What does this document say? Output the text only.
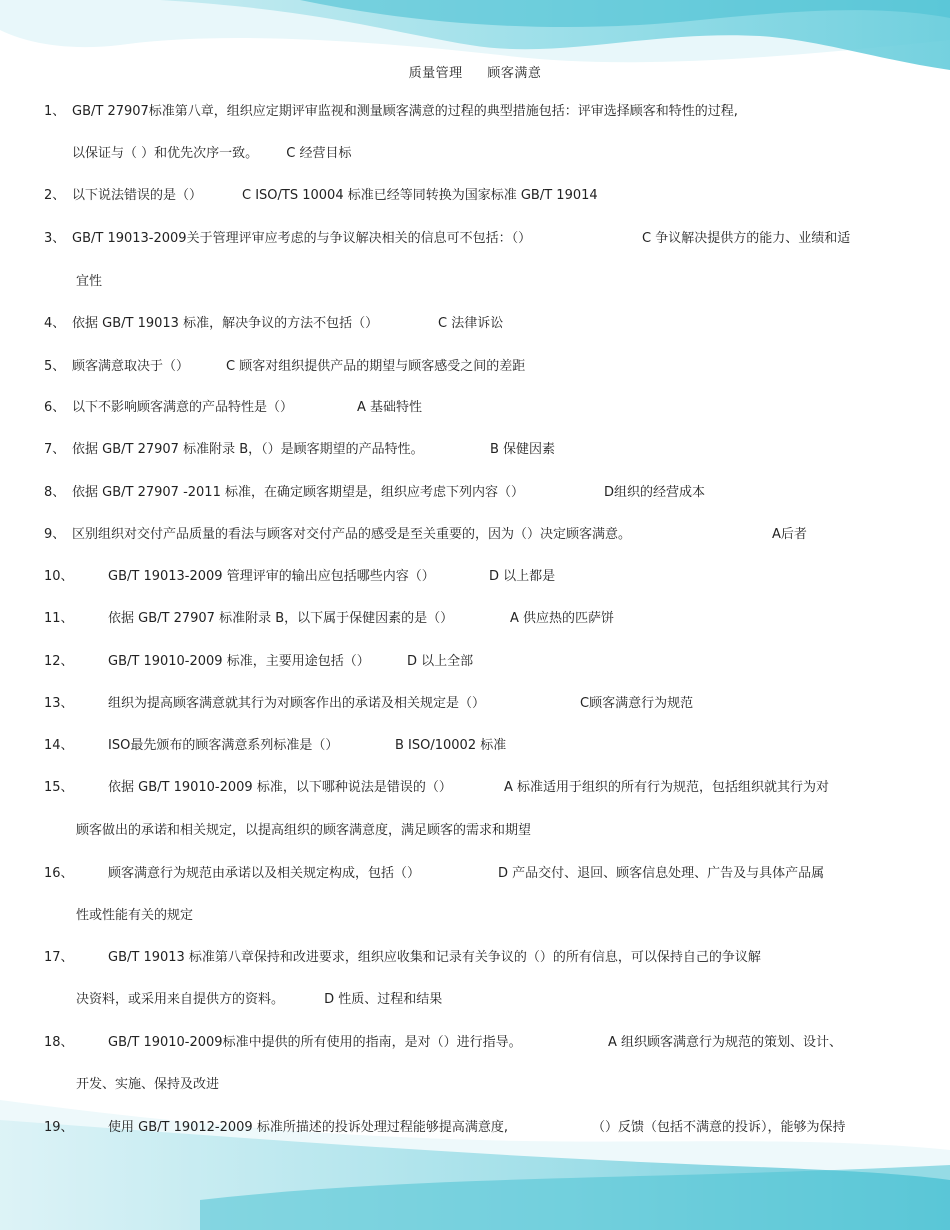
质量管理 顾客满意
1、 GB/T 27907标准第八章，组织应定期评审监视和测量顾客满意的过程的典型措施包括：评审选择顾客和特性的过程,
以保证与（ ）和优先次序一致。 C 经营目标
2、 以下说法错误的是（）	C ISO/TS 10004 标准已经等同转换为国家标准 GB/T 19014
3、 GB/T 19013-2009关于管理评审应考虑的与争议解决相关的信息可不包括：（）	C 争议解决提供方的能力、业绩和适
宜性
4、 依据 GB/T 19013 标准，解决争议的方法不包括（）	C 法律诉讼
5、 顾客满意取决于（）	C 顾客对组织提供产品的期望与顾客感受之间的差距
6、 以下不影响顾客满意的产品特性是（）	A 基础特性
7、 依据 GB/T 27907 标准附录 B，（）是顾客期望的产品特性。	B 保健因素
8、 依据 GB/T 27907 -2011 标准，在确定顾客期望是，组织应考虑下列内容（）	D组织的经营成本
9、 区别组织对交付产品质量的看法与顾客对交付产品的感受是至关重要的，因为（）决定顾客满意。	A后者
10、	GB/T 19013-2009 管理评审的输出应包括哪些内容（）	D 以上都是
11、	依据 GB/T 27907 标准附录 B，以下属于保健因素的是（）	A 供应热的匹萨饼
12、	GB/T 19010-2009 标准，主要用途包括（）	D 以上全部
13、	组织为提高顾客满意就其行为对顾客作出的承诺及相关规定是（）	C顾客满意行为规范
14、	ISO最先颁布的顾客满意系列标准是（）	B ISO/10002 标准
15、	依据 GB/T 19010-2009 标准，以下哪种说法是错误的（）	A 标准适用于组织的所有行为规范，包括组织就其行为对
顾客做出的承诺和相关规定，以提高组织的顾客满意度，满足顾客的需求和期望
16、	顾客满意行为规范由承诺以及相关规定构成，包括（）	D 产品交付、退回、顾客信息处理、广告及与具体产品属
性或性能有关的规定
17、	GB/T 19013 标准第八章保持和改进要求，组织应收集和记录有关争议的（）的所有信息，可以保持自己的争议解
决资料，或采用来自提供方的资料。	D 性质、过程和结果
18、	GB/T 19010-2009标准中提供的所有使用的指南，是对（）进行指导。	A 组织顾客满意行为规范的策划、设计、
开发、实施、保持及改进
19、	使用 GB/T 19012-2009 标准所描述的投诉处理过程能够提高满意度,	（）反馈（包括不满意的投诉），能够为保持
